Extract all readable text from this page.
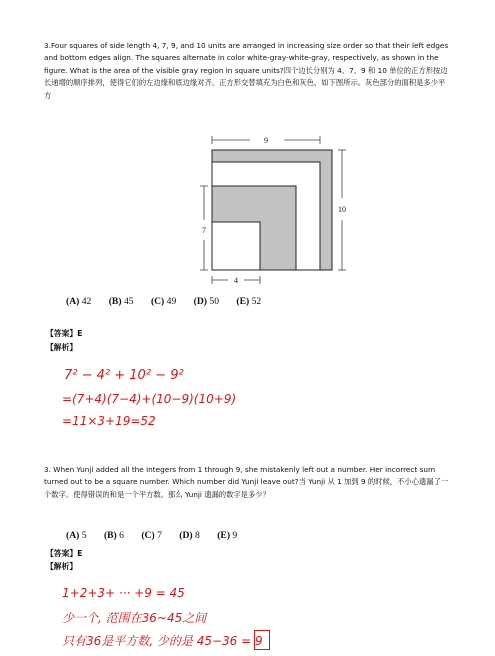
3.Four squares of side length 4, 7, 9, and 10 units are arranged in increasing size order so that their left edges and bottom edges align. The squares alternate in color white-gray-white-gray, respectively, as shown in the figure. What is the area of the visible gray region in square units?四个边长分别为 4、7、9 和 10 单位的正方形按边长递增的顺序排列，使得它们的左边缘和底边缘对齐。正方形交替填充为白色和灰色，如下图所示。灰色部分的面积是多少平方
9
10
7
4
(A) 42 (B) 45 (C) 49 (D) 50 (E) 52
【答案】E
【解析】
7² − 4² + 10² − 9²
=(7+4)(7−4)+(10−9)(10+9)
=11×3+19=52
3. When Yunji added all the integers from 1 through 9, she mistakenly left out a number. Her incorrect sum turned out to be a square number. Which number did Yunji leave out?当 Yunji 从 1 加到 9 的时候，不小心遗漏了一个数字。使得错误的和是一个平方数。那么 Yunji 遗漏的数字是多少？
(A) 5 (B) 6 (C) 7 (D) 8 (E) 9
【答案】E
【解析】
1+2+3+ ··· +9 = 45
少一个, 范围在36~45之间
只有36是平方数, 少的是 45−36 = 9
